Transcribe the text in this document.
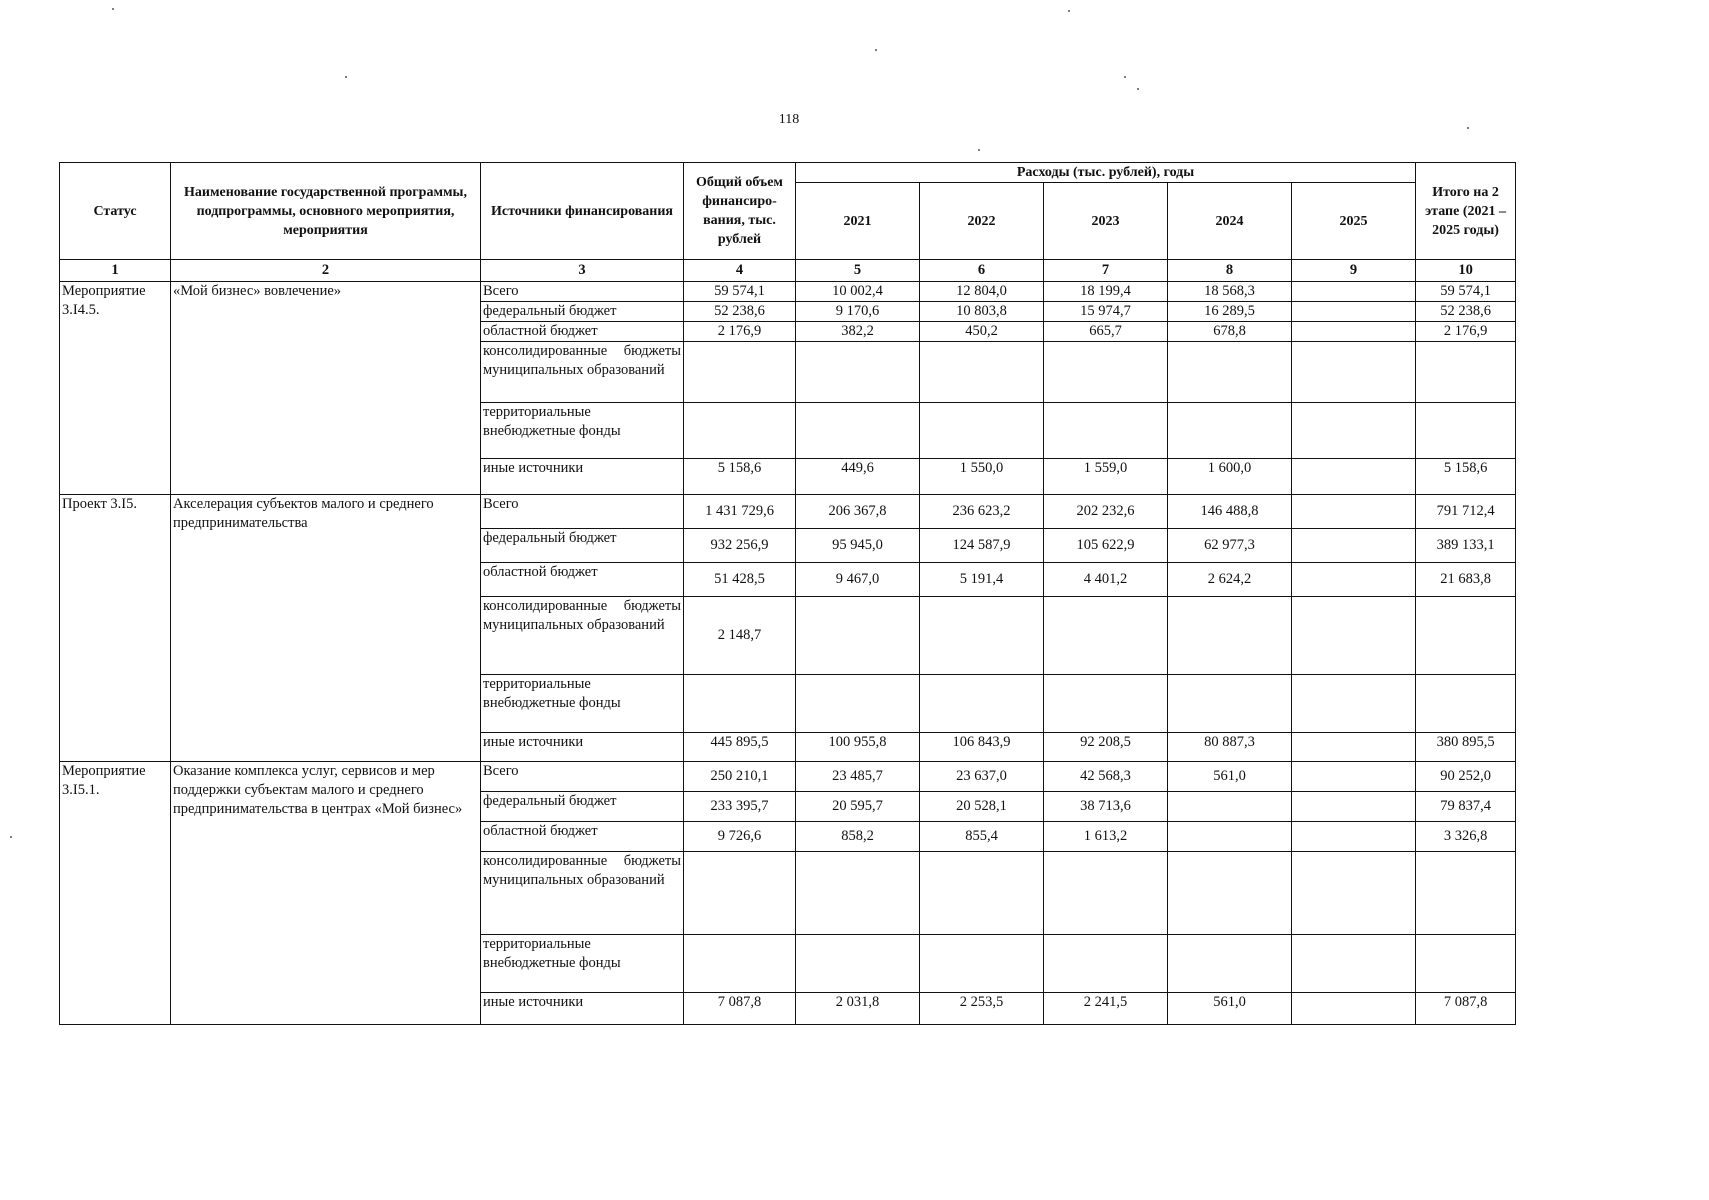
118
Статус	Наименование государственной программы, подпрограммы, основного мероприятия, мероприятия	Источники финансирования	Общий объем финансиро-вания, тыс. рублей	Расходы (тыс. рублей), годы					Итого на 2 этапе (2021 – 2025 годы)
				2021	2022	2023	2024	2025	
1	2	3	4	5	6	7	8	9	10
Мероприятие 3.I4.5.	«Мой бизнес» вовлечение»	Всего	59 574,1	10 002,4	12 804,0	18 199,4	18 568,3		59 574,1
		федеральный бюджет	52 238,6	9 170,6	10 803,8	15 974,7	16 289,5		52 238,6
		областной бюджет	2 176,9	382,2	450,2	665,7	678,8		2 176,9
		консолидированные бюджеты муниципальных образований							
		территориальные внебюджетные фонды							
		иные источники	5 158,6	449,6	1 550,0	1 559,0	1 600,0		5 158,6
Проект 3.I5.	Акселерация субъектов малого и среднего предпринимательства	Всего	1 431 729,6	206 367,8	236 623,2	202 232,6	146 488,8		791 712,4
		федеральный бюджет	932 256,9	95 945,0	124 587,9	105 622,9	62 977,3		389 133,1
		областной бюджет	51 428,5	9 467,0	5 191,4	4 401,2	2 624,2		21 683,8
		консолидированные бюджеты муниципальных образований	2 148,7						
		территориальные внебюджетные фонды							
		иные источники	445 895,5	100 955,8	106 843,9	92 208,5	80 887,3		380 895,5
Мероприятие 3.I5.1.	Оказание комплекса услуг, сервисов и мер поддержки субъектам малого и среднего предпринимательства в центрах «Мой бизнес»	Всего	250 210,1	23 485,7	23 637,0	42 568,3	561,0		90 252,0
		федеральный бюджет	233 395,7	20 595,7	20 528,1	38 713,6			79 837,4
		областной бюджет	9 726,6	858,2	855,4	1 613,2			3 326,8
		консолидированные бюджеты муниципальных образований							
		территориальные внебюджетные фонды							
		иные источники	7 087,8	2 031,8	2 253,5	2 241,5	561,0		7 087,8
